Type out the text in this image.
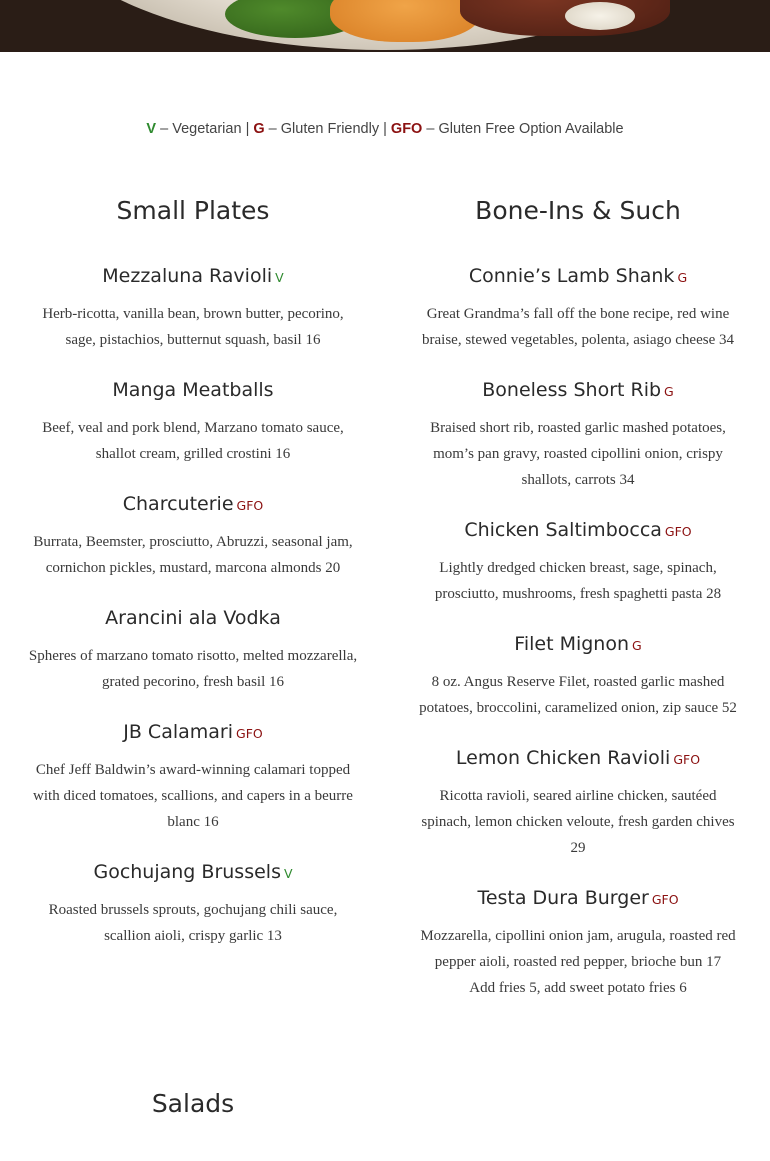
V – Vegetarian | G – Gluten Friendly | GFO – Gluten Free Option Available
Small Plates
Mezzaluna Ravioli V

Herb-ricotta, vanilla bean, brown butter, pecorino, sage, pistachios, butternut squash, basil 16

Manga Meatballs

Beef, veal and pork blend, Marzano tomato sauce, shallot cream, grilled crostini 16

Charcuterie GFO

Burrata, Beemster, prosciutto, Abruzzi, seasonal jam, cornichon pickles, mustard, marcona almonds 20

Arancini ala Vodka

Spheres of marzano tomato risotto, melted mozzarella, grated pecorino, fresh basil 16

JB Calamari GFO

Chef Jeff Baldwin’s award-winning calamari topped with diced tomatoes, scallions, and capers in a beurre blanc 16

Gochujang Brussels V

Roasted brussels sprouts, gochujang chili sauce, scallion aioli, crispy garlic 13

Bone-Ins & Such
Connie’s Lamb Shank G

Great Grandma’s fall off the bone recipe, red wine braise, stewed vegetables, polenta, asiago cheese 34

Boneless Short Rib G

Braised short rib, roasted garlic mashed potatoes, mom’s pan gravy, roasted cipollini onion, crispy shallots, carrots 34

Chicken Saltimbocca GFO

Lightly dredged chicken breast, sage, spinach, prosciutto, mushrooms, fresh spaghetti pasta 28

Filet Mignon G

8 oz. Angus Reserve Filet, roasted garlic mashed potatoes, broccolini, caramelized onion, zip sauce 52

Lemon Chicken Ravioli GFO

Ricotta ravioli, seared airline chicken, sautéed spinach, lemon chicken veloute, fresh garden chives 29

Testa Dura Burger GFO

Mozzarella, cipollini onion jam, arugula, roasted red pepper aioli, roasted red pepper, brioche bun 17

Add fries 5, add sweet potato fries 6

Salads
